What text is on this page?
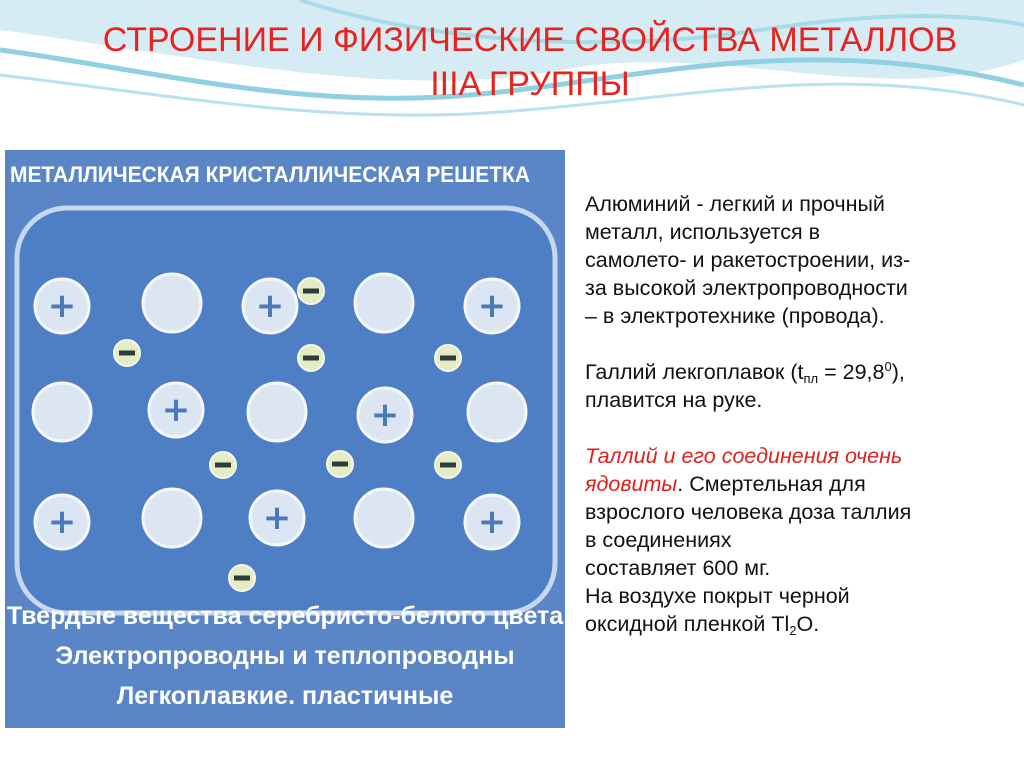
СТРОЕНИЕ И ФИЗИЧЕСКИЕ СВОЙСТВА МЕТАЛЛОВ
IIIA ГРУППЫ
МЕТАЛЛИЧЕСКАЯ КРИСТАЛЛИЧЕСКАЯ РЕШЕТКА
+	+	+
+	+
+	+	+
Твердые вещества серебристо-белого цвета
Электропроводны и теплопроводны
Легкоплавкие. пластичные

Алюминий - легкий и прочный

металл, используется в

самолето- и ракетостроении, из-

за высокой электропроводности

– в электротехнике (провода).

Галлий лекгоплавок $(t_{пл} = 29,8^0)$,

плавится на руке.

Таллий и его соединения очень

ядовиты. Смертельная для

взрослого человека доза таллия

в соединениях

составляет 600 мг.

На воздухе покрыт черной

оксидной пленкой $Tl_2O$.
